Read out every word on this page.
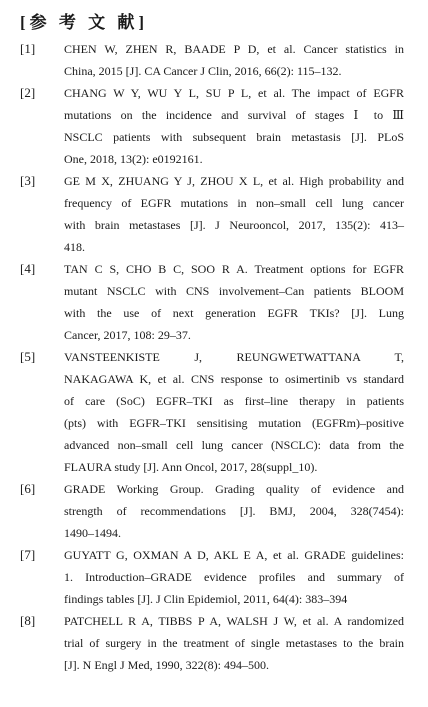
[参 考 文 献]
[1]	CHEN W, ZHEN R, BAADE P D, et al. Cancer statistics in
China, 2015 [J]. CA Cancer J Clin, 2016, 66(2): 115–132.
[2]	CHANG W Y, WU Y L, SU P L, et al. The impact of EGFR
mutations on the incidence and survival of stages Ⅰ to Ⅲ
NSCLC patients with subsequent brain metastasis [J]. PLoS
One, 2018, 13(2): e0192161.
[3]	GE M X, ZHUANG Y J, ZHOU X L, et al. High probability and
frequency of EGFR mutations in non–small cell lung cancer
with brain metastases [J]. J Neurooncol, 2017, 135(2): 413–
418.
[4]	TAN C S, CHO B C, SOO R A. Treatment options for EGFR
mutant NSCLC with CNS involvement–Can patients BLOOM
with the use of next generation EGFR TKIs? [J]. Lung
Cancer, 2017, 108: 29–37.
[5]	VANSTEENKISTE J, REUNGWETWATTANA T,
NAKAGAWA K, et al. CNS response to osimertinib vs standard
of care (SoC) EGFR–TKI as first–line therapy in patients
(pts) with EGFR–TKI sensitising mutation (EGFRm)–positive
advanced non–small cell lung cancer (NSCLC): data from the
FLAURA study [J]. Ann Oncol, 2017, 28(suppl_10).
[6]	GRADE Working Group. Grading quality of evidence and
strength of recommendations [J]. BMJ, 2004, 328(7454):
1490–1494.
[7]	GUYATT G, OXMAN A D, AKL E A, et al. GRADE guidelines:
1. Introduction–GRADE evidence profiles and summary of
findings tables [J]. J Clin Epidemiol, 2011, 64(4): 383–394
[8]	PATCHELL R A, TIBBS P A, WALSH J W, et al. A randomized
trial of surgery in the treatment of single metastases to the brain
[J]. N Engl J Med, 1990, 322(8): 494–500.
